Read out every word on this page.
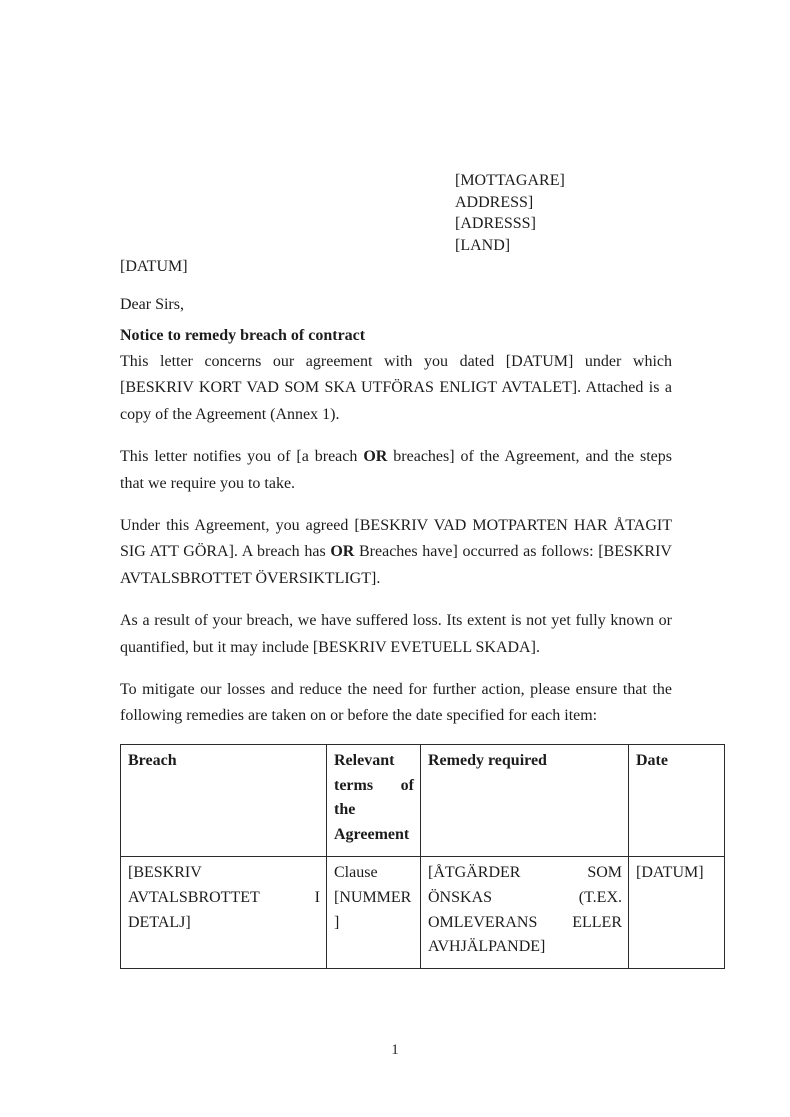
[MOTTAGARE]
ADDRESS]
[ADRESSS]
[LAND]
[DATUM]
Dear Sirs,
Notice to remedy breach of contract

This letter concerns our agreement with you dated [DATUM] under which [BESKRIV KORT VAD SOM SKA UTFÖRAS ENLIGT AVTALET]. Attached is a copy of the Agreement (Annex 1).

This letter notifies you of [a breach OR breaches] of the Agreement, and the steps that we require you to take.

Under this Agreement, you agreed [BESKRIV VAD MOTPARTEN HAR ÅTAGIT SIG ATT GÖRA]. A breach has OR Breaches have] occurred as follows: [BESKRIV AVTALSBROTTET ÖVERSIKTLIGT].

As a result of your breach, we have suffered loss. Its extent is not yet fully known or quantified, but it may include [BESKRIV EVETUELL SKADA].

To mitigate our losses and reduce the need for further action, please ensure that the following remedies are taken on or before the date specified for each item:

Breach	Relevant terms of the Agreement	Remedy required	Date
[BESKRIV AVTALSBROTTET I DETALJ]	Clause [NUMMER]	[ÅTGÄRDER SOM ÖNSKAS (T.EX. OMLEVERANS ELLER AVHJÄLPANDE]	[DATUM]
1
